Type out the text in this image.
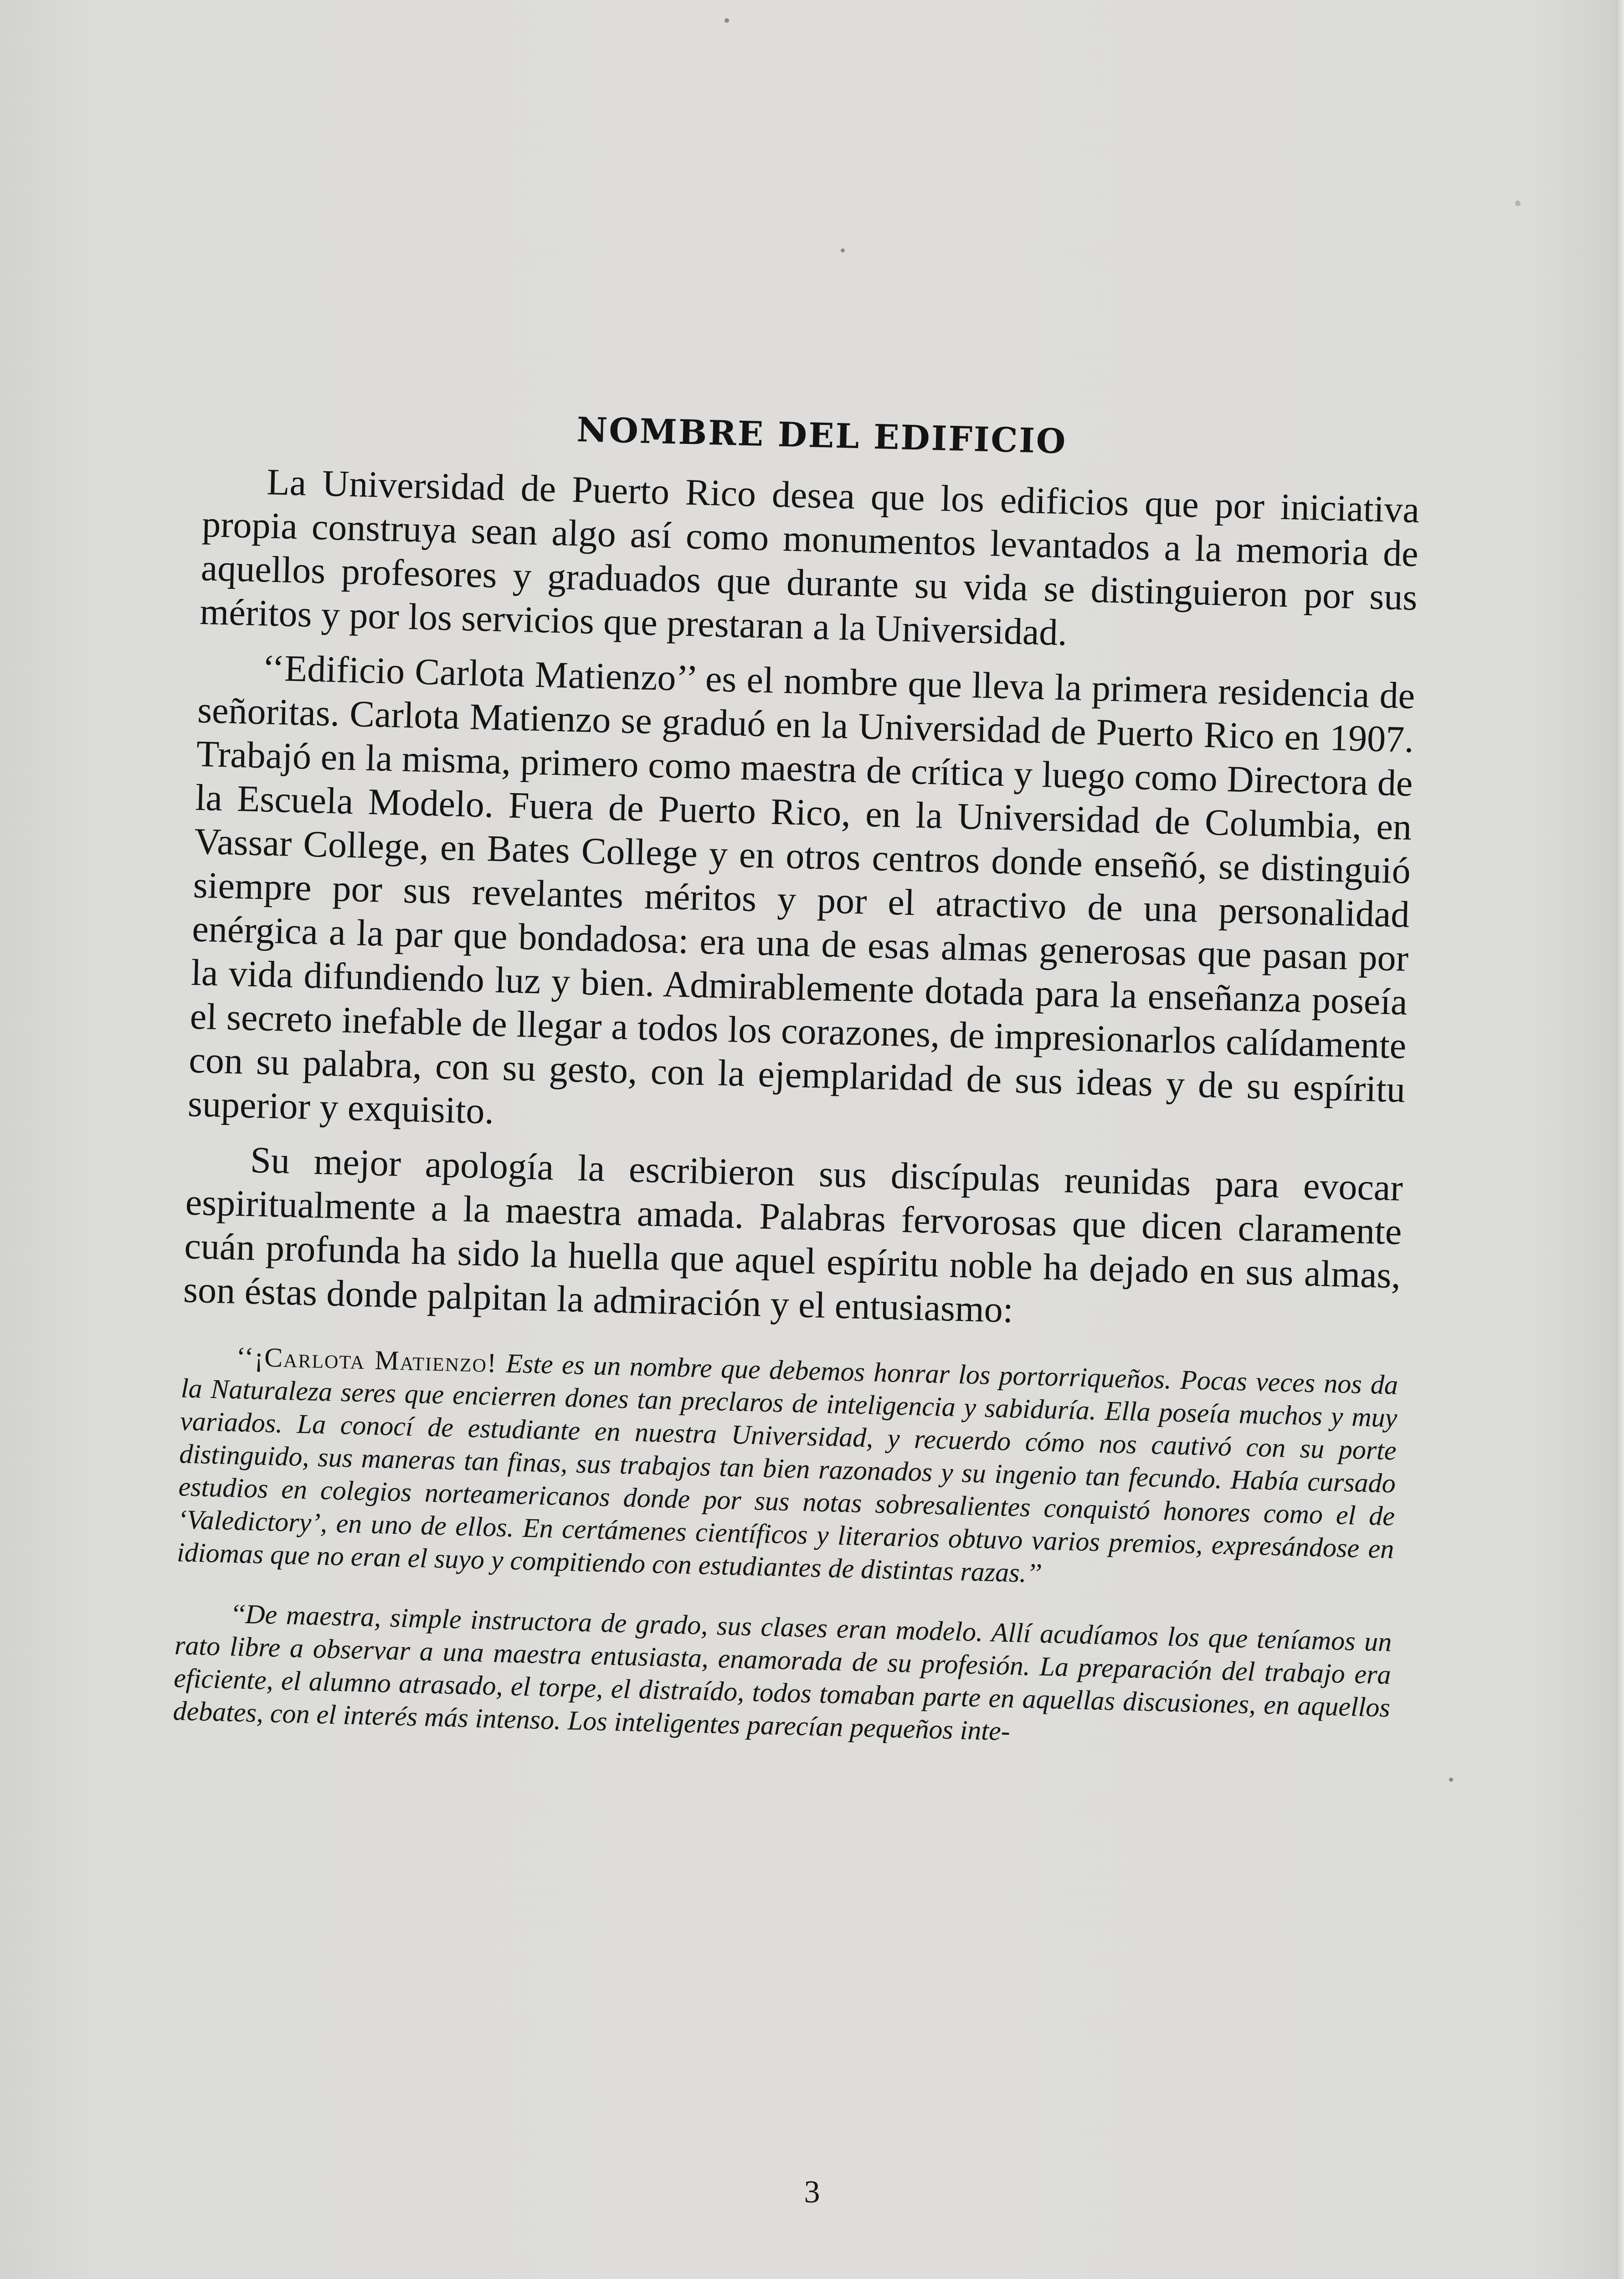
NOMBRE DEL EDIFICIO

La Universidad de Puerto Rico desea que los edificios que por iniciativa propia construya sean algo así como monumentos levantados a la memoria de aquellos profesores y graduados que durante su vida se distinguieron por sus méritos y por los servicios que prestaran a la Universidad.

‘‘Edificio Carlota Matienzo’’ es el nombre que lleva la primera residencia de señoritas. Carlota Matienzo se graduó en la Universidad de Puerto Rico en 1907. Trabajó en la misma, primero como maestra de crítica y luego como Directora de la Escuela Modelo. Fuera de Puerto Rico, en la Universidad de Columbia, en Vassar College, en Bates College y en otros centros donde enseñó, se distinguió siempre por sus revelantes méritos y por el atractivo de una personalidad enérgica a la par que bondadosa: era una de esas almas generosas que pasan por la vida difundiendo luz y bien. Admirablemente dotada para la enseñanza poseía el secreto inefable de llegar a todos los corazones, de impresionarlos calídamente con su palabra, con su gesto, con la ejemplaridad de sus ideas y de su espíritu superior y exquisito.

Su mejor apología la escribieron sus discípulas reunidas para evocar espiritualmente a la maestra amada. Palabras fervorosas que dicen claramente cuán profunda ha sido la huella que aquel espíritu noble ha dejado en sus almas, son éstas donde palpitan la admiración y el entusiasmo:

‘‘¡Carlota Matienzo! Este es un nombre que debemos honrar los portorriqueños. Pocas veces nos da la Naturaleza seres que encierren dones tan preclaros de inteligencia y sabiduría. Ella poseía muchos y muy variados. La conocí de estudiante en nuestra Universidad, y recuerdo cómo nos cautivó con su porte distinguido, sus maneras tan finas, sus trabajos tan bien razonados y su ingenio tan fecundo. Había cursado estudios en colegios norteamericanos donde por sus notas sobresalientes conquistó honores como el de ‘Valedictory’, en uno de ellos. En certámenes científicos y literarios obtuvo varios premios, expresándose en idiomas que no eran el suyo y compitiendo con estudiantes de distintas razas.’’

‘‘De maestra, simple instructora de grado, sus clases eran modelo. Allí acudíamos los que teníamos un rato libre a observar a una maestra entusiasta, enamorada de su profesión. La preparación del trabajo era eficiente, el alumno atrasado, el torpe, el distraído, todos tomaban parte en aquellas discusiones, en aquellos debates, con el interés más intenso. Los inteligentes parecían pequeños inte-

3
